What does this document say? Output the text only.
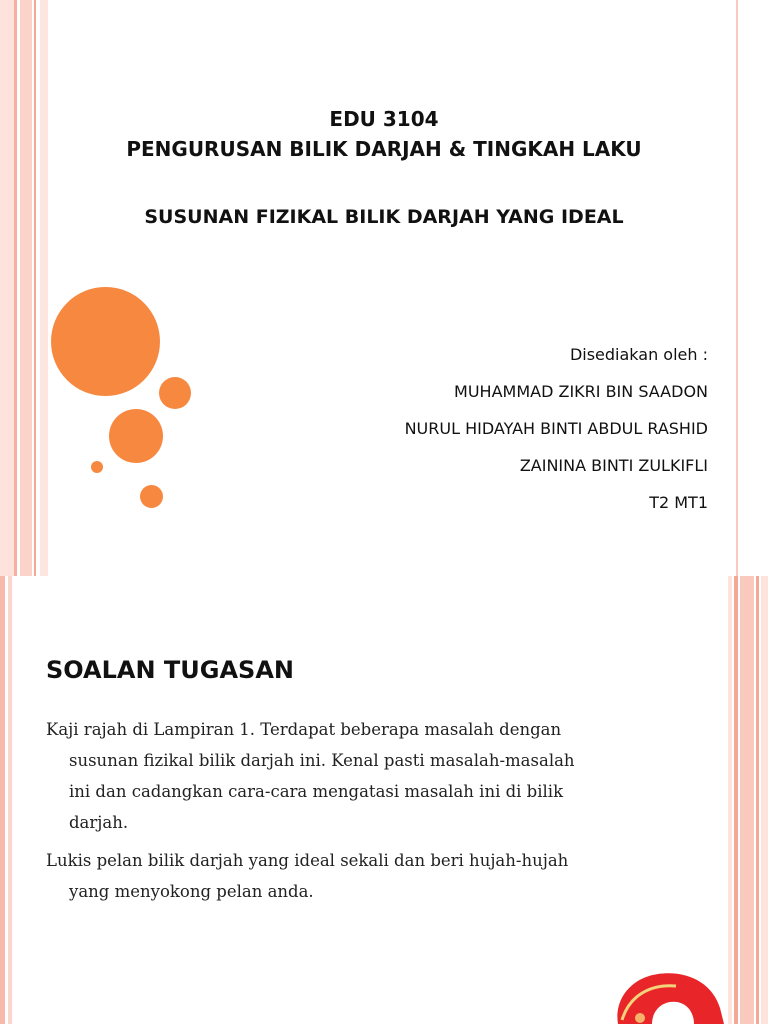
EDU 3104
PENGURUSAN BILIK DARJAH & TINGKAH LAKU
SUSUNAN FIZIKAL BILIK DARJAH YANG IDEAL
Disediakan oleh :
MUHAMMAD ZIKRI BIN SAADON
NURUL HIDAYAH BINTI ABDUL RASHID
ZAININA BINTI ZULKIFLI
T2 MT1
SOALAN TUGASAN
Kaji rajah di Lampiran 1. Terdapat beberapa masalah dengan
susunan fizikal bilik darjah ini. Kenal pasti masalah-masalah
ini dan cadangkan cara-cara mengatasi masalah ini di bilik
darjah.
Lukis pelan bilik darjah yang ideal sekali dan beri hujah-hujah
yang menyokong pelan anda.
